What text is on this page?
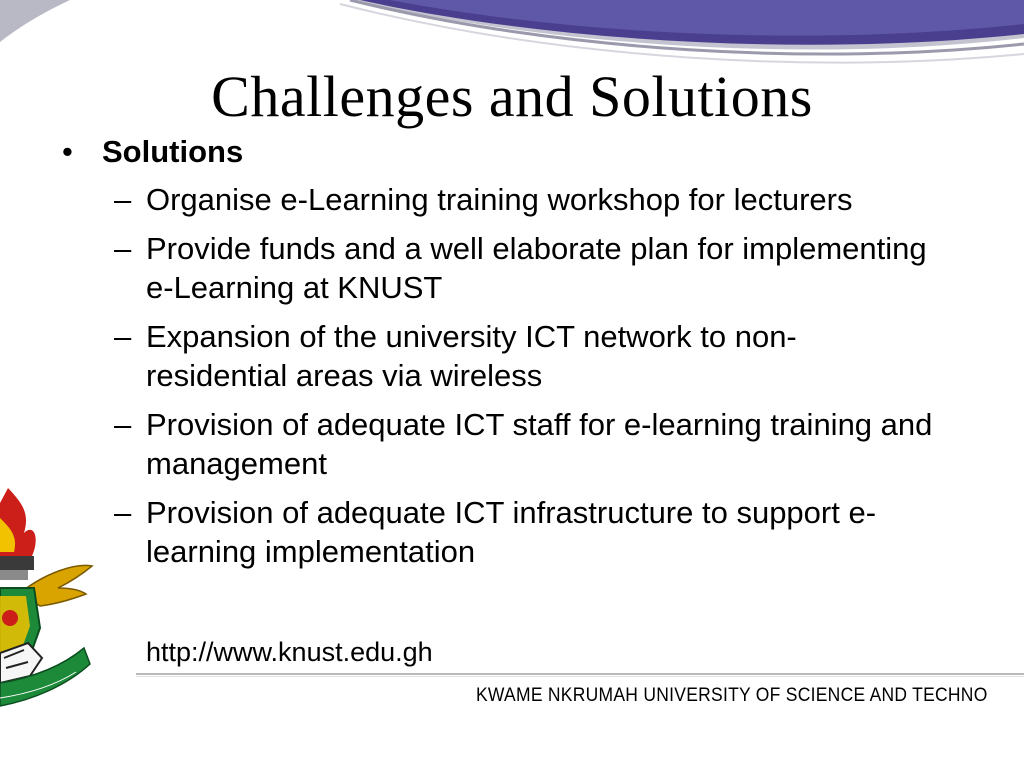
Challenges and Solutions
• Solutions
– Organise e-Learning training workshop for lecturers
– Provide funds and a well elaborate plan for implementing e-Learning at KNUST
– Expansion of the university ICT network to non-residential areas via wireless
– Provision of adequate ICT staff for e-learning training and management
– Provision of adequate ICT infrastructure to support e-learning implementation
http://www.knust.edu.gh
KWAME NKRUMAH UNIVERSITY OF SCIENCE AND TECHNO
